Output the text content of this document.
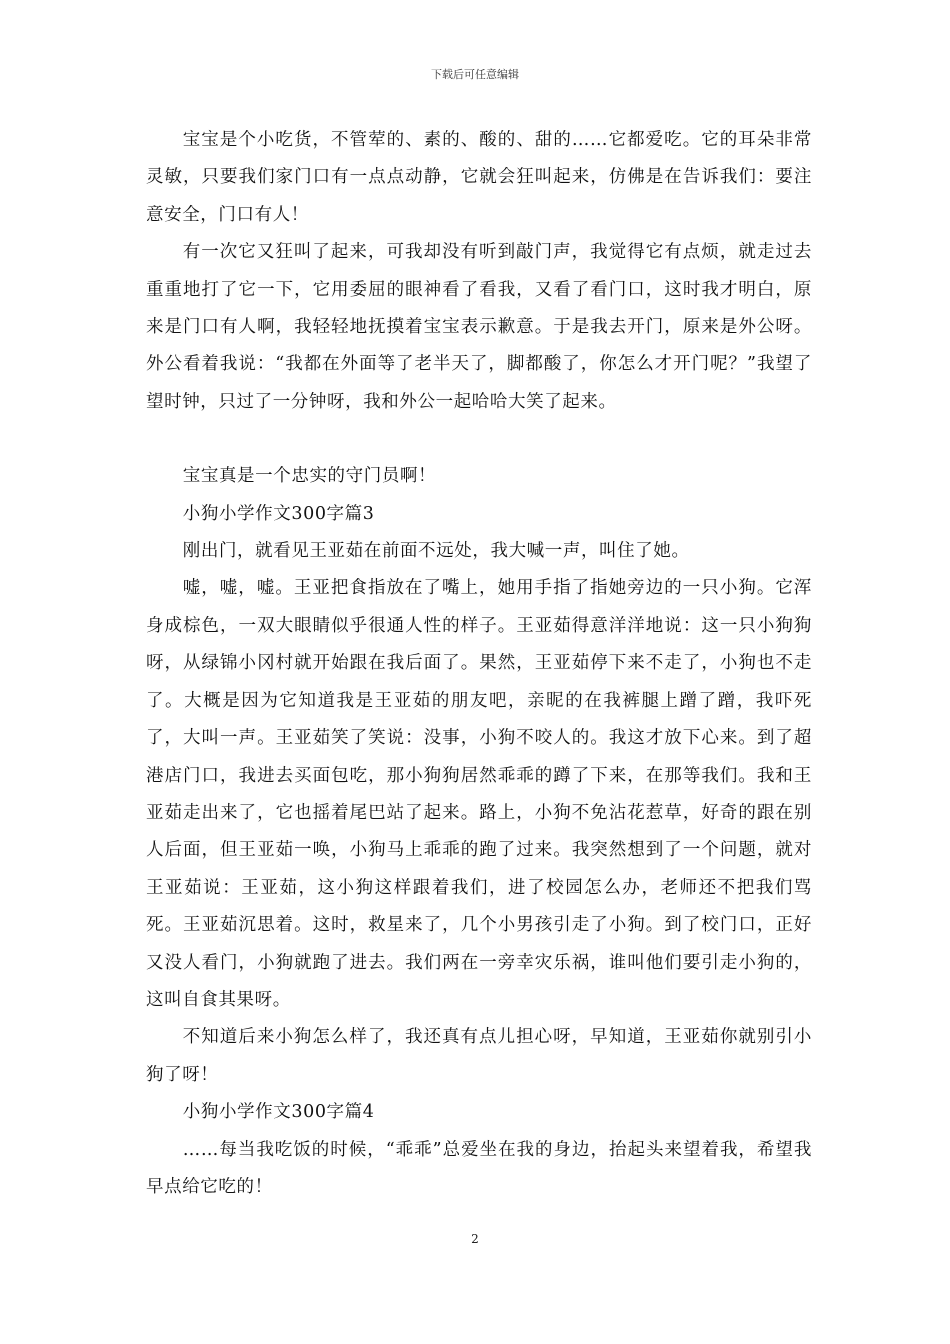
下载后可任意编辑

宝宝是个小吃货，不管荤的、素的、酸的、甜的……它都爱吃。它的耳朵非常灵敏，只要我们家门口有一点点动静，它就会狂叫起来，仿佛是在告诉我们：要注意安全，门口有人！

有一次它又狂叫了起来，可我却没有听到敲门声，我觉得它有点烦，就走过去重重地打了它一下，它用委屈的眼神看了看我，又看了看门口，这时我才明白，原来是门口有人啊，我轻轻地抚摸着宝宝表示歉意。于是我去开门，原来是外公呀。外公看着我说：“我都在外面等了老半天了，脚都酸了，你怎么才开门呢？”我望了望时钟，只过了一分钟呀，我和外公一起哈哈大笑了起来。

宝宝真是一个忠实的守门员啊！

小狗小学作文300字篇3

刚出门，就看见王亚茹在前面不远处，我大喊一声，叫住了她。

嘘，嘘，嘘。王亚把食指放在了嘴上，她用手指了指她旁边的一只小狗。它浑身成棕色，一双大眼睛似乎很通人性的样子。王亚茹得意洋洋地说：这一只小狗狗呀，从绿锦小冈村就开始跟在我后面了。果然，王亚茹停下来不走了，小狗也不走了。大概是因为它知道我是王亚茹的朋友吧，亲昵的在我裤腿上蹭了蹭，我吓死了，大叫一声。王亚茹笑了笑说：没事，小狗不咬人的。我这才放下心来。到了超港店门口，我进去买面包吃，那小狗狗居然乖乖的蹲了下来，在那等我们。我和王亚茹走出来了，它也摇着尾巴站了起来。路上，小狗不免沾花惹草，好奇的跟在别人后面，但王亚茹一唤，小狗马上乖乖的跑了过来。我突然想到了一个问题，就对王亚茹说：王亚茹，这小狗这样跟着我们，进了校园怎么办，老师还不把我们骂死。王亚茹沉思着。这时，救星来了，几个小男孩引走了小狗。到了校门口，正好又没人看门，小狗就跑了进去。我们两在一旁幸灾乐祸，谁叫他们要引走小狗的，这叫自食其果呀。

不知道后来小狗怎么样了，我还真有点儿担心呀，早知道，王亚茹你就别引小狗了呀！

小狗小学作文300字篇4

……每当我吃饭的时候，“乖乖”总爱坐在我的身边，抬起头来望着我，希望我早点给它吃的！

2
